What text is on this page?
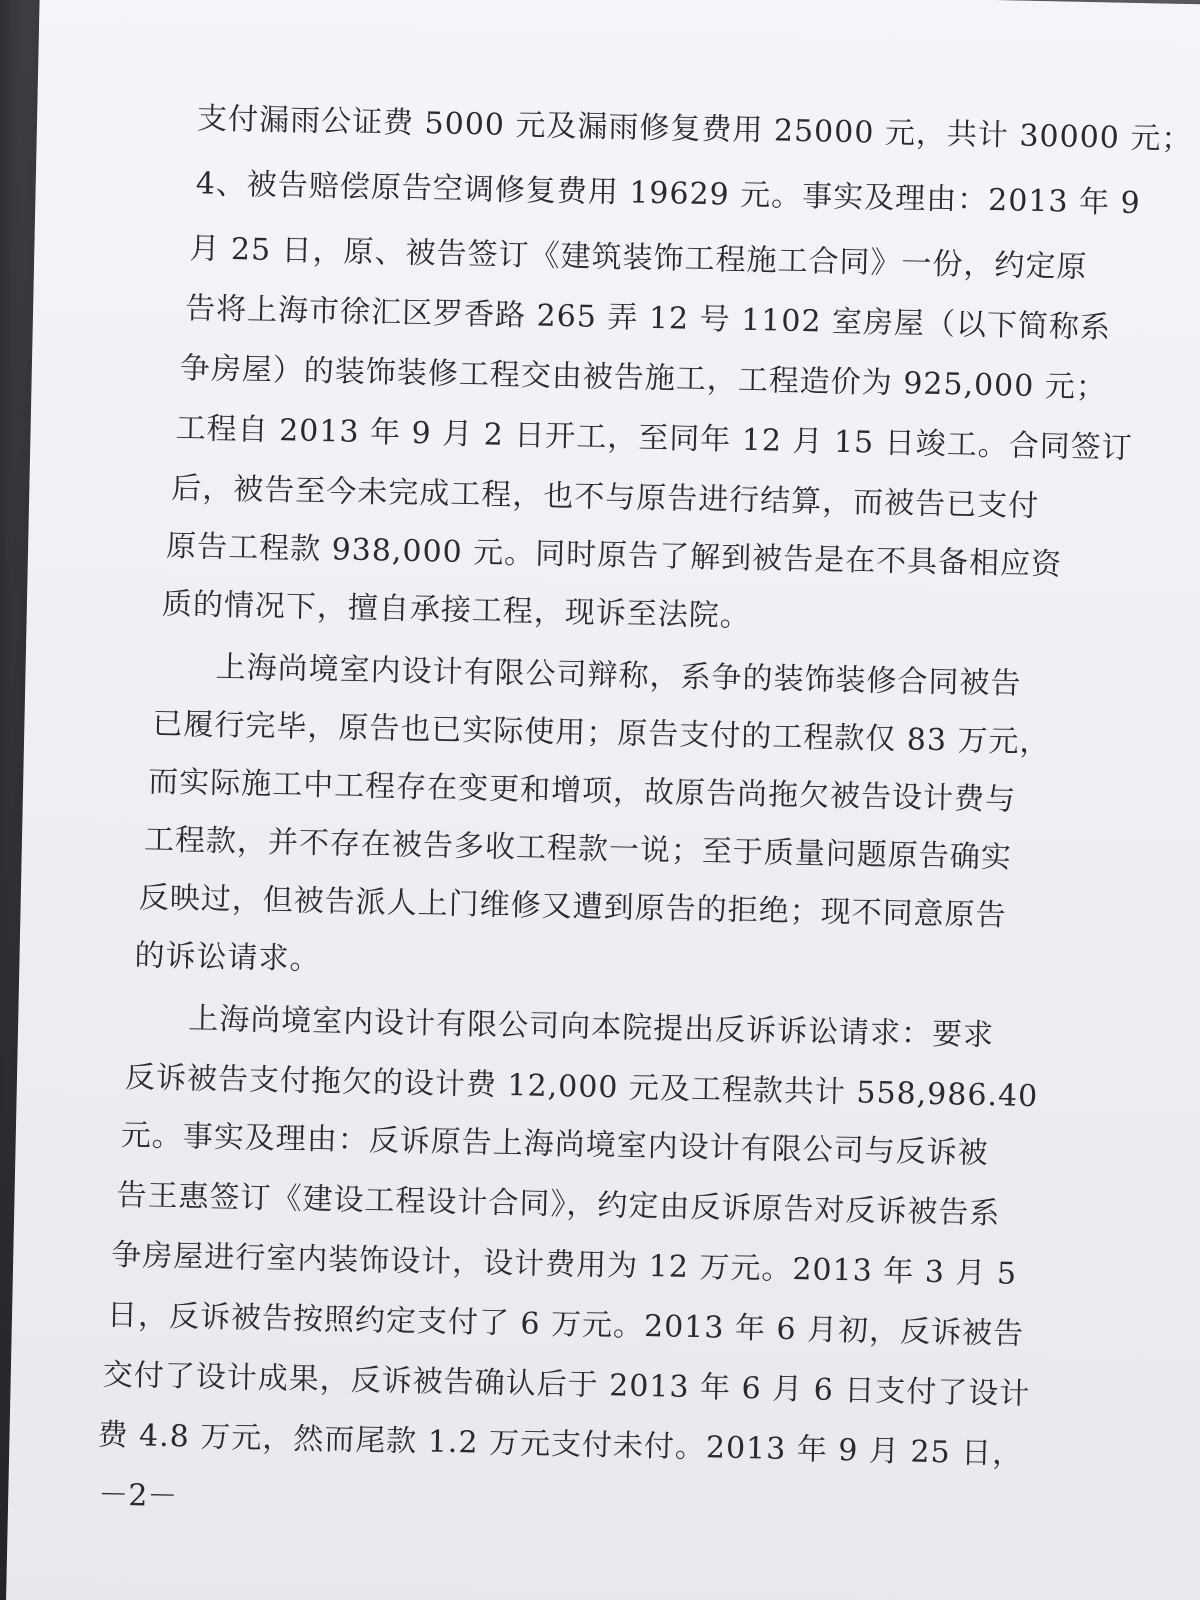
支付漏雨公证费 5000 元及漏雨修复费用 25000 元，共计 30000 元；
4、被告赔偿原告空调修复费用 19629 元。事实及理由：2013 年 9
月 25 日，原、被告签订《建筑装饰工程施工合同》一份，约定原
告将上海市徐汇区罗香路 265 弄 12 号 1102 室房屋（以下简称系
争房屋）的装饰装修工程交由被告施工，工程造价为 925,000 元；
工程自 2013 年 9 月 2 日开工，至同年 12 月 15 日竣工。合同签订
后，被告至今未完成工程，也不与原告进行结算，而被告已支付
原告工程款 938,000 元。同时原告了解到被告是在不具备相应资
质的情况下，擅自承接工程，现诉至法院。
上海尚境室内设计有限公司辩称，系争的装饰装修合同被告
已履行完毕，原告也已实际使用；原告支付的工程款仅 83 万元，
而实际施工中工程存在变更和增项，故原告尚拖欠被告设计费与
工程款，并不存在被告多收工程款一说；至于质量问题原告确实
反映过，但被告派人上门维修又遭到原告的拒绝；现不同意原告
的诉讼请求。
上海尚境室内设计有限公司向本院提出反诉诉讼请求：要求
反诉被告支付拖欠的设计费 12,000 元及工程款共计 558,986.40
元。事实及理由：反诉原告上海尚境室内设计有限公司与反诉被
告王惠签订《建设工程设计合同》，约定由反诉原告对反诉被告系
争房屋进行室内装饰设计，设计费用为 12 万元。2013 年 3 月 5
日，反诉被告按照约定支付了 6 万元。2013 年 6 月初，反诉被告
交付了设计成果，反诉被告确认后于 2013 年 6 月 6 日支付了设计
费 4.8 万元，然而尾款 1.2 万元支付未付。2013 年 9 月 25 日，
－2－
